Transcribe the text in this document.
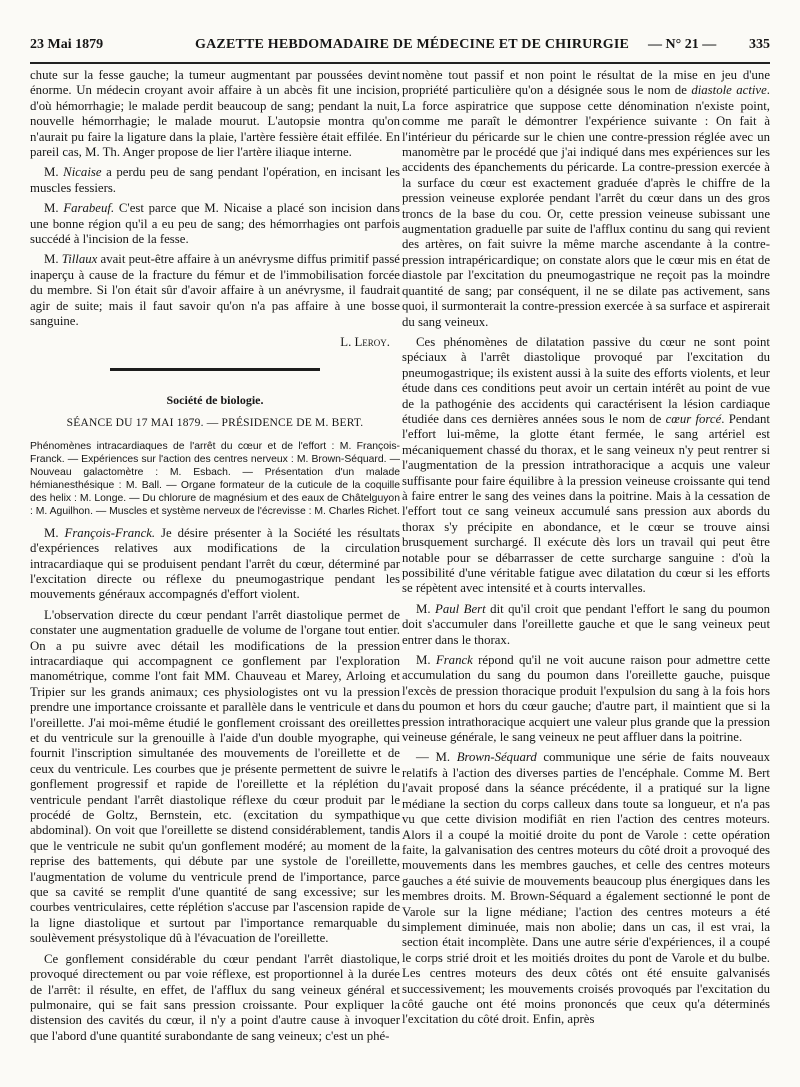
23 Mai 1879	GAZETTE HEBDOMADAIRE DE MÉDECINE ET DE CHIRURGIE — N° 21 — 335

chute sur la fesse gauche; la tumeur augmentant par poussées devint énorme. Un médecin croyant avoir affaire à un abcès fit une incision, d'où hémorrhagie; le malade perdit beaucoup de sang; pendant la nuit, nouvelle hémorrhagie; le malade mourut. L'autopsie montra qu'on n'aurait pu faire la ligature dans la plaie, l'artère fessière était effilée. En pareil cas, M. Th. Anger propose de lier l'artère iliaque interne.

M. Nicaise a perdu peu de sang pendant l'opération, en incisant les muscles fessiers.

M. Farabeuf. C'est parce que M. Nicaise a placé son incision dans une bonne région qu'il a eu peu de sang; des hémorrhagies ont parfois succédé à l'incision de la fesse.

M. Tillaux avait peut-être affaire à un anévrysme diffus primitif passé inaperçu à cause de la fracture du fémur et de l'immobilisation forcée du membre. Si l'on était sûr d'avoir affaire à un anévrysme, il faudrait agir de suite; mais il faut savoir qu'on n'a pas affaire à une bosse sanguine.

L. Leroy.
Société de biologie.
SÉANCE DU 17 MAI 1879. — PRÉSIDENCE DE M. BERT.
Phénomènes intracardiaques de l'arrêt du cœur et de l'effort : M. François-Franck. — Expériences sur l'action des centres nerveux : M. Brown-Séquard. — Nouveau galactomètre : M. Esbach. — Présentation d'un malade hémianesthésique : M. Ball. — Organe formateur de la cuticule de la coquille des helix : M. Longe. — Du chlorure de magnésium et des eaux de Châtelguyon : M. Aguilhon. — Muscles et système nerveux de l'écrevisse : M. Charles Richet.

M. François-Franck. Je désire présenter à la Société les résultats d'expériences relatives aux modifications de la circulation intracardiaque qui se produisent pendant l'arrêt du cœur, déterminé par l'excitation directe ou réflexe du pneumogastrique pendant les mouvements généraux accompagnés d'effort violent.

L'observation directe du cœur pendant l'arrêt diastolique permet de constater une augmentation graduelle de volume de l'organe tout entier. On a pu suivre avec détail les modifications de la pression intracardiaque qui accompagnent ce gonflement par l'exploration manométrique, comme l'ont fait MM. Chauveau et Marey, Arloing et Tripier sur les grands animaux; ces physiologistes ont vu la pression prendre une importance croissante et parallèle dans le ventricule et dans l'oreillette. J'ai moi-même étudié le gonflement croissant des oreillettes et du ventricule sur la grenouille à l'aide d'un double myographe, qui fournit l'inscription simultanée des mouvements de l'oreillette et de ceux du ventricule. Les courbes que je présente permettent de suivre le gonflement progressif et rapide de l'oreillette et la réplétion du ventricule pendant l'arrêt diastolique réflexe du cœur produit par le procédé de Goltz, Bernstein, etc. (excitation du sympathique abdominal). On voit que l'oreillette se distend considérablement, tandis que le ventricule ne subit qu'un gonflement modéré; au moment de la reprise des battements, qui débute par une systole de l'oreillette, l'augmentation de volume du ventricule prend de l'importance, parce que sa cavité se remplit d'une quantité de sang excessive; sur les courbes ventriculaires, cette réplétion s'accuse par l'ascension rapide de la ligne diastolique et surtout par l'importance remarquable du soulèvement présystolique dû à l'évacuation de l'oreillette.

Ce gonflement considérable du cœur pendant l'arrêt diastolique, provoqué directement ou par voie réflexe, est proportionnel à la durée de l'arrêt: il résulte, en effet, de l'afflux du sang veineux général et pulmonaire, qui se fait sans pression croissante. Pour expliquer la distension des cavités du cœur, il n'y a point d'autre cause à invoquer que l'abord d'une quantité surabondante de sang veineux; c'est un phé-

nomène tout passif et non point le résultat de la mise en jeu d'une propriété particulière qu'on a désignée sous le nom de diastole active. La force aspiratrice que suppose cette dénomination n'existe point, comme me paraît le démontrer l'expérience suivante : On fait à l'intérieur du péricarde sur le chien une contre-pression réglée avec un manomètre par le procédé que j'ai indiqué dans mes expériences sur les accidents des épanchements du péricarde. La contre-pression exercée à la surface du cœur est exactement graduée d'après le chiffre de la pression veineuse explorée pendant l'arrêt du cœur dans un des gros troncs de la base du cou. Or, cette pression veineuse subissant une augmentation graduelle par suite de l'afflux continu du sang qui revient des artères, on fait suivre la même marche ascendante à la contre-pression intrapéricardique; on constate alors que le cœur mis en état de diastole par l'excitation du pneumogastrique ne reçoit pas la moindre quantité de sang; par conséquent, il ne se dilate pas activement, sans quoi, il surmonterait la contre-pression exercée à sa surface et aspirerait du sang veineux.

Ces phénomènes de dilatation passive du cœur ne sont point spéciaux à l'arrêt diastolique provoqué par l'excitation du pneumogastrique; ils existent aussi à la suite des efforts violents, et leur étude dans ces conditions peut avoir un certain intérêt au point de vue de la pathogénie des accidents qui caractérisent la lésion cardiaque étudiée dans ces dernières années sous le nom de cœur forcé. Pendant l'effort lui-même, la glotte étant fermée, le sang artériel est mécaniquement chassé du thorax, et le sang veineux n'y peut rentrer si l'augmentation de la pression intrathoracique a acquis une valeur suffisante pour faire équilibre à la pression veineuse croissante qui tend à faire entrer le sang des veines dans la poitrine. Mais à la cessation de l'effort tout ce sang veineux accumulé sans pression aux abords du thorax s'y précipite en abondance, et le cœur se trouve ainsi brusquement surchargé. Il exécute dès lors un travail qui peut être notable pour se débarrasser de cette surcharge sanguine : d'où la possibilité d'une véritable fatigue avec dilatation du cœur si les efforts se répètent avec intensité et à courts intervalles.

M. Paul Bert dit qu'il croit que pendant l'effort le sang du poumon doit s'accumuler dans l'oreillette gauche et que le sang veineux peut entrer dans le thorax.

M. Franck répond qu'il ne voit aucune raison pour admettre cette accumulation du sang du poumon dans l'oreillette gauche, puisque l'excès de pression thoracique produit l'expulsion du sang à la fois hors du poumon et hors du cœur gauche; d'autre part, il maintient que si la pression intrathoracique acquiert une valeur plus grande que la pression veineuse générale, le sang veineux ne peut affluer dans la poitrine.

— M. Brown-Séquard communique une série de faits nouveaux relatifs à l'action des diverses parties de l'encéphale. Comme M. Bert l'avait proposé dans la séance précédente, il a pratiqué sur la ligne médiane la section du corps calleux dans toute sa longueur, et n'a pas vu que cette division modifiât en rien l'action des centres moteurs. Alors il a coupé la moitié droite du pont de Varole : cette opération faite, la galvanisation des centres moteurs du côté droit a provoqué des mouvements dans les membres gauches, et celle des centres moteurs gauches a été suivie de mouvements beaucoup plus énergiques dans les membres droits. M. Brown-Séquard a également sectionné le pont de Varole sur la ligne médiane; l'action des centres moteurs a été simplement diminuée, mais non abolie; dans un cas, il est vrai, la section était incomplète. Dans une autre série d'expériences, il a coupé le corps strié droit et les moitiés droites du pont de Varole et du bulbe. Les centres moteurs des deux côtés ont été ensuite galvanisés successivement; les mouvements croisés provoqués par l'excitation du côté gauche ont été moins prononcés que ceux qu'a déterminés l'excitation du côté droit. Enfin, après
